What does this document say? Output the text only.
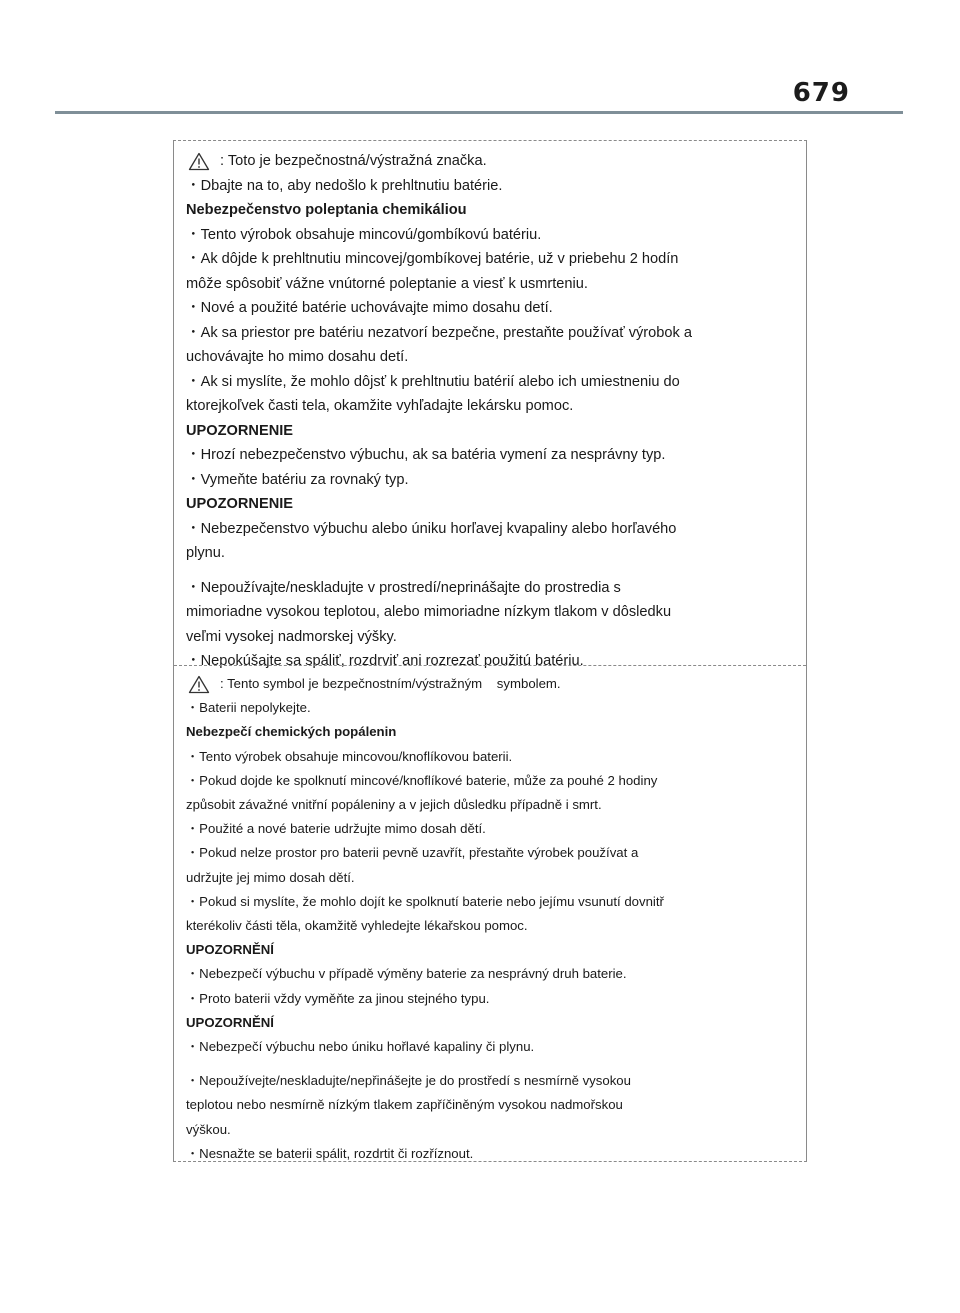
679
: Toto je bezpečnostná/výstražná značka.
・Dbajte na to, aby nedošlo k prehltnutiu batérie.
Nebezpečenstvo poleptania chemikáliou
・Tento výrobok obsahuje mincovú/gombíkovú batériu.
・Ak dôjde k prehltnutiu mincovej/gombíkovej batérie, už v priebehu 2 hodín
môže spôsobiť vážne vnútorné poleptanie a viesť k usmrteniu.
・Nové a použité batérie uchovávajte mimo dosahu detí.
・Ak sa priestor pre batériu nezatvorí bezpečne, prestaňte používať výrobok a
uchovávajte ho mimo dosahu detí.
・Ak si myslíte, že mohlo dôjsť k prehltnutiu batérií alebo ich umiestneniu do
ktorejkoľvek časti tela, okamžite vyhľadajte lekársku pomoc.
UPOZORNENIE
・Hrozí nebezpečenstvo výbuchu, ak sa batéria vymení za nesprávny typ.
・Vymeňte batériu za rovnaký typ.
UPOZORNENIE
・Nebezpečenstvo výbuchu alebo úniku horľavej kvapaliny alebo horľavého
plynu.
・Nepoužívajte/neskladujte v prostredí/neprinášajte do prostredia s
mimoriadne vysokou teplotou, alebo mimoriadne nízkym tlakom v dôsledku
veľmi vysokej nadmorskej výšky.
・Nepokúšajte sa spáliť, rozdrviť ani rozrezať použitú batériu.
: Tento symbol je bezpečnostním/výstražným    symbolem.
・Baterii nepolykejte.
Nebezpečí chemických popálenin
・Tento výrobek obsahuje mincovou/knoflíkovou baterii.
・Pokud dojde ke spolknutí mincové/knoflíkové baterie, může za pouhé 2 hodiny
způsobit závažné vnitřní popáleniny a v jejich důsledku případně i smrt.
・Použité a nové baterie udržujte mimo dosah dětí.
・Pokud nelze prostor pro baterii pevně uzavřít, přestaňte výrobek používat a
udržujte jej mimo dosah dětí.
・Pokud si myslíte, že mohlo dojít ke spolknutí baterie nebo jejímu vsunutí dovnitř
kterékoliv části těla, okamžitě vyhledejte lékařskou pomoc.
UPOZORNĚNÍ
・Nebezpečí výbuchu v případě výměny baterie za nesprávný druh baterie.
・Proto baterii vždy vyměňte za jinou stejného typu.
UPOZORNĚNÍ
・Nebezpečí výbuchu nebo úniku hořlavé kapaliny či plynu.
・Nepoužívejte/neskladujte/nepřinášejte je do prostředí s nesmírně vysokou
teplotou nebo nesmírně nízkým tlakem zapříčiněným vysokou nadmořskou
výškou.
・Nesnažte se baterii spálit, rozdrtit či rozříznout.
